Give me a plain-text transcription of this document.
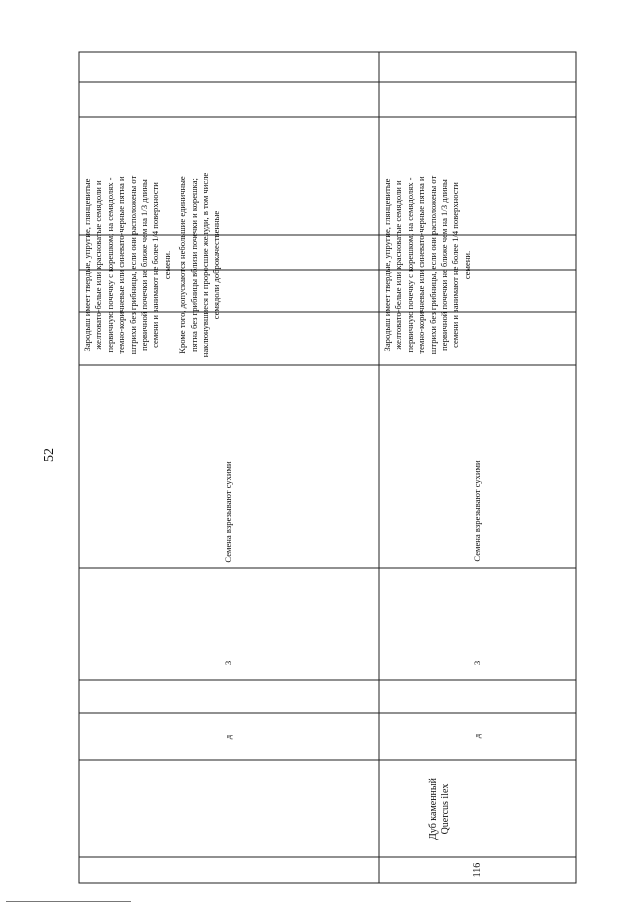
52
д
3
Семена взрезывают сухими
Зародыш имеет твердые, упругие, глянцевитые желтовато-белые или красноватые семядоли и первичную почечку с корешком; на семядолях - темно-коричневые или синевато-черные пятна и штрихи без грибницы, если они расположены от первичной почечки не ближе чем на 1/3 длины семени и занимают не более 1/4 поверхности семени. Кроме того, допускаются небольшие единичные пятна без грибницы вблизи почечки и корешка; наклюнувшиеся и проросшие желуди, в том числе семядоли доброкачественные
116
Дуб каменный Quercus ilex
д
3
Семена взрезывают сухими
Зародыш имеет твердые, упругие, глянцевитые желтовато-белые или красноватые семядоли и первичную почечку с корешком; на семядолях - темно-коричневые или синевато-черные пятна и штрихи без грибницы, если они расположены от первичной почечки не ближе чем на 1/3 длины семени и занимают не более 1/4 поверхности семени.
